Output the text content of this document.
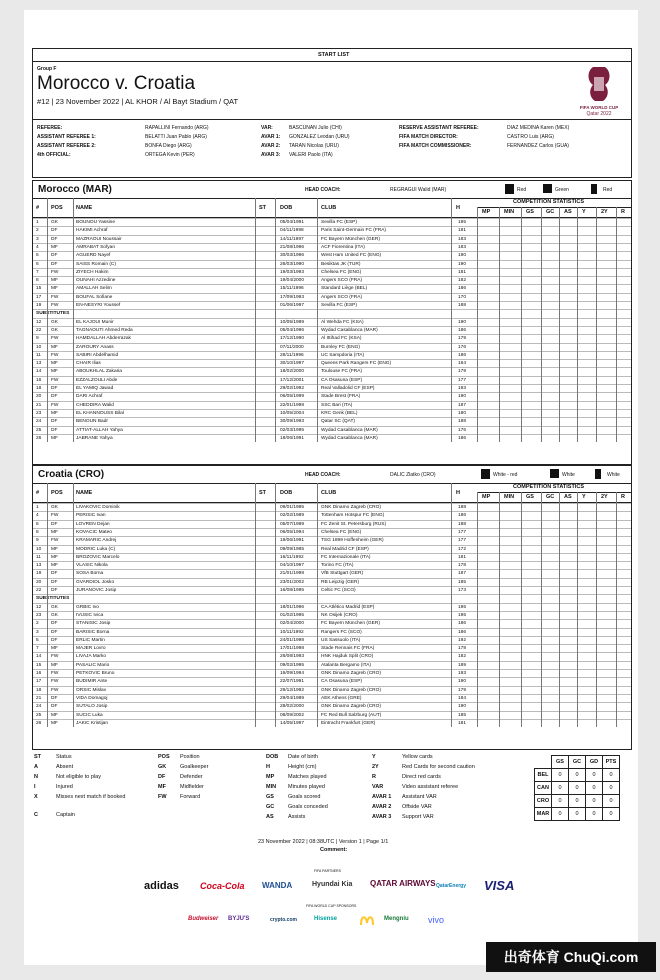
START LIST
Group F
Morocco v. Croatia
#12 | 23 November 2022 | AL KHOR / Al Bayt Stadium / QAT
FIFA WORLD CUP
Qatar 2022
REFEREE:	RAPALLINI Fernando (ARG)
ASSISTANT REFEREE 1:	BELATTI Juan Pablo (ARG)
ASSISTANT REFEREE 2:	BONFA Diego (ARG)
4th OFFICIAL:	ORTEGA Kevin (PER)
VAR:	BASCUNAN Julio (CHI)
AVAR 1: GONZALEZ Leodan (URU)
AVAR 2: TARAN Nicolas (URU)
AVAR 3: VALERI Paolo (ITA)
RESERVE ASSISTANT REFEREE:	DIAZ MEDINA Karen (MEX)
FIFA MATCH DIRECTOR:	CASTRO Luis (ARG)
FIFA MATCH COMMISSIONER:	FERNANDEZ Carlos (GUA)
Morocco (MAR)	HEAD COACH:	REGRAGUI Walid (MAR)	Red	Green	Red
# POS NAME	ST	DOB	CLUB	H
COMPETITION STATISTICS
MP	MIN GS GC AS Y	2Y R
1	GK	BOUNOU Yassine	05/04/1991	Sevilla FC (ESP)	195
2	DF	HAKIMI Achraf	04/11/1998	Paris Saint-Germain FC (FRA)	181
3	DF	MAZRAOUI Noussair	14/11/1997	FC Bayern München (GER)	183
4	MF	AMRABAT Sofyan	21/08/1996	ACF Fiorentina (ITA)	183
5	DF	AGUERD Nayef	30/03/1996	West Ham United FC (ENG)	190
6	DF	SAISS Romain (C)	26/03/1990	Besiktas JK (TUR)	190
7	FW	ZIYECH Hakim	19/03/1993	Chelsea FC (ENG)	181
8	MF	OUNAHI Azzedine	19/04/2000	Angers SCO (FRA)	182
15 MF	AMALLAH Selim	15/11/1996	Standard Liège (BEL)	186
17 FW	BOUFAL Sofiane	17/09/1993	Angers SCO (FRA)	170
19 FW	EN-NESYRI Youssef	01/06/1997	Sevilla FC (ESP)	188
SUBSTITUTES
12 GK	EL KAJOUI Munir	10/05/1989	Al Wehda FC (KSA)	190
22 GK	TAGNAOUTI Ahmed Reda	05/04/1996	Wydad Casablanca (MAR)	186
9	FW	HAMDALLAH Abderrazak	17/12/1990	Al Ittihad FC (KSA)	179
10 MF	ZAROURY Anass	07/11/2000	Burnley FC (ENG)	176
11 FW	SABIRI Abdelhamid	28/11/1996	UC Sampdoria (ITA)	186
13 MF	CHAIR Ilias	30/10/1997	Queens Park Rangers FC (ENG)	164
14 MF	ABOUKHLAL Zakaria	18/02/2000	Toulouse FC (FRA)	179
16 FW	EZZALZOULI Abde	17/12/2001	CA Osasuna (ESP)	177
18 DF	EL YAMIQ Jawad	29/02/1992	Real Valladolid CF (ESP)	193
20 DF	DARI Achraf	06/05/1999	Stade Brest (FRA)	190
21 FW	CHEDDIRA Walid	22/01/1998	SSC Bari (ITA)	187
23 MF	EL KHANNOUSS Bilal	10/05/2004	KRC Genk (BEL)	180
24 DF	BENOUN Badr	30/09/1993	Qatar SC (QAT)	188
25 DF	ATTIAT-ALLAH Yahya	02/03/1995	Wydad Casablanca (MAR)	176
26 MF	JABRANE Yahya	18/06/1991	Wydad Casablanca (MAR)	186
Croatia (CRO)	HEAD COACH:	DALIC Zlatko (CRO)	White - red	White	White
# POS NAME	ST	DOB	CLUB	H
COMPETITION STATISTICS
MP	MIN GS GC AS Y	2Y R
1	GK	LIVAKOVIC Dominik	09/01/1995	GNK Dinamo Zagreb (CRO)	188
4	FW	PERISIC Ivan	02/02/1989	Tottenham Hotspur FC (ENG)	186
6	DF	LOVREN Dejan	05/07/1989	FC Zenit St. Petersburg (RUS)	188
8	MF	KOVACIC Mateo	06/05/1994	Chelsea FC (ENG)	177
9	FW	KRAMARIC Andrej	19/06/1991	TSG 1899 Hoffenheim (GER)	177
10 MF	MODRIC Luka (C)	09/09/1985	Real Madrid CF (ESP)	172
11 MF	BROZOVIC Marcelo	16/11/1992	FC Internazionale (ITA)	181
13 MF	VLASIC Nikola	04/10/1997	Torino FC (ITA)	178
19 DF	SOSA Borna	21/01/1998	VfB Stuttgart (GER)	187
20 DF	GVARDIOL Josko	23/01/2002	RB Leipzig (GER)	185
22 DF	JURANOVIC Josip	16/08/1995	Celtic FC (SCO)	173
SUBSTITUTES
12 GK	GRBIC Ivo	18/01/1996	CA Atlético Madrid (ESP)	195
23 GK	IVUSIC Ivica	01/02/1995	NK Osijek (CRO)	195
2	DF	STANISIC Josip	02/04/2000	FC Bayern München (GER)	186
3	DF	BARISIC Borna	10/11/1992	Rangers FC (SCO)	186
5	DF	ERLIC Martin	24/01/1998	US Sassuolo (ITA)	192
7	MF	MAJER Lovro	17/01/1998	Stade Rennais FC (FRA)	178
14 FW	LIVAJA Marko	26/08/1993	HNK Hajduk Split (CRO)	182
15 MF	PASALIC Mario	09/02/1995	Atalanta Bergamo (ITA)	189
16 FW	PETKOVIC Bruno	16/09/1994	GNK Dinamo Zagreb (CRO)	193
17 FW	BUDIMIR Ante	22/07/1991	CA Osasuna (ESP)	190
18 FW	ORSIC Mislav	29/12/1992	GNK Dinamo Zagreb (CRO)	179
21 DF	VIDA Domagoj	29/04/1989	AEK Athens (GRE)	184
24 DF	SUTALO Josip	28/02/2000	GNK Dinamo Zagreb (CRO)	190
25 MF	SUCIC Luka	08/09/2002	FC Red Bull Salzburg (AUT)	185
26 MF	JAKIC Kristijan	14/05/1997	Eintracht Frankfurt (GER)	181
ST	Status
A	Absent
N	Not eligible to play
I	Injured
X	Misses next match if booked
C	Captain
POS Position
GK	Goalkeeper
DF	Defender
MF	Midfielder
FW Forward
DOB Date of birth
H	Height (cm)
MP	Matches played
MIN Minutes played
GS	Goals scored
GC	Goals conceded
AS	Assists
Y	Yellow cards
2Y	Red Cards for second caution
R	Direct red cards
VAR	Video assistant referee
AVAR 1 Assistant VAR
AVAR 2 Offside VAR
AVAR 3 Support VAR
	GS	GC	GD	PTS
BEL	0	0	0	0
CAN	0	0	0	0
CRO	0	0	0	0
MAR	0	0	0	0
23 November 2022 | 08:38UTC | Version 1 | Page 1/1
Comment:
FIFA PARTNERS
adidas Coca-Cola WANDA	Hyundai Kia QATAR AIRWAYS QatarEnergy VISA
FIFA WORLD CUP SPONSORS
Budweiser BYJU'S	crypto.com	Hisense	Mengniu vivo
出奇体育 ChuQi.com
